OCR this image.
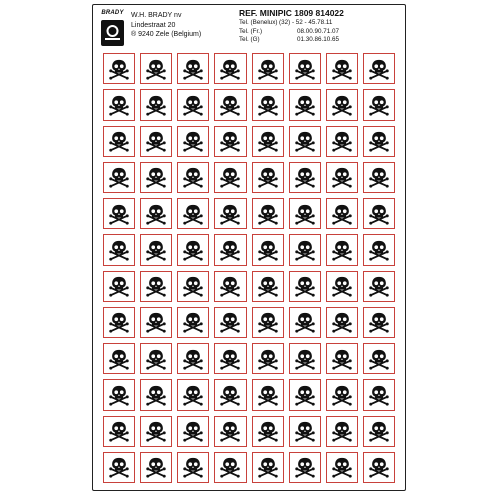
BRADY W.H. BRADY nv
Lindestraat 20
® 9240 Zele (Belgium)
REF. MINIPIC 1809 814022
Tel. (Benelux) (32) - 52 - 45.78.11
Tel. (Fr.)	08.00.90.71.07
Tel. (G)	01.30.86.10.65
